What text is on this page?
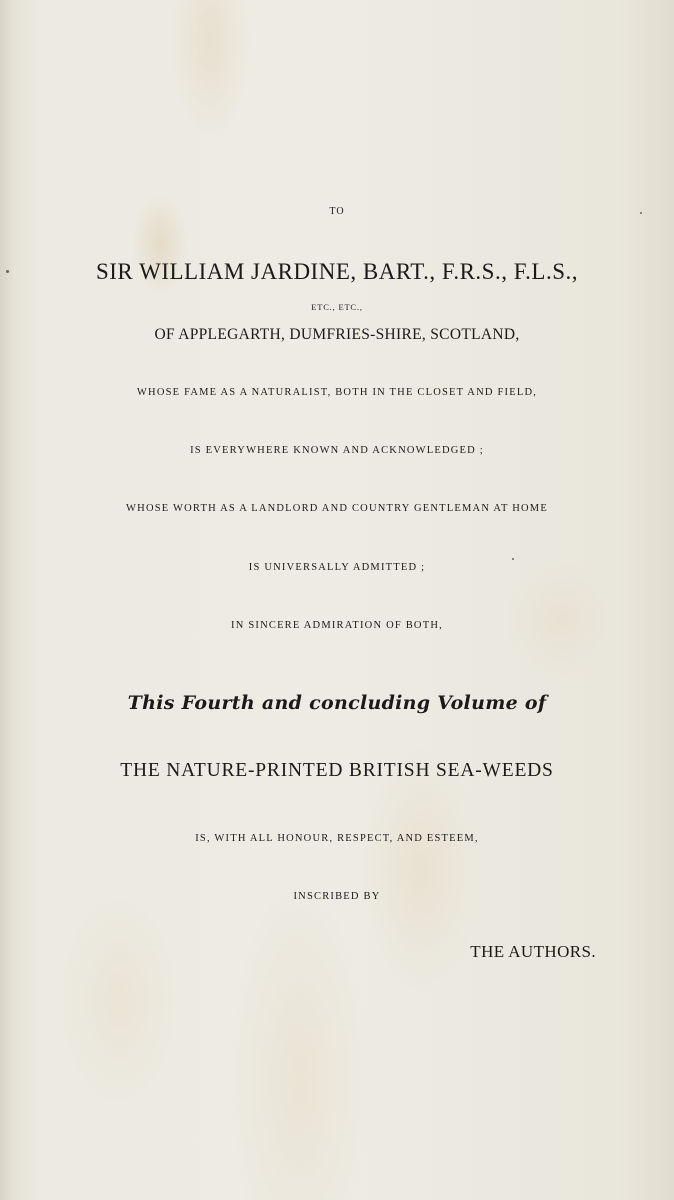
TO

SIR WILLIAM JARDINE, BART., F.R.S., F.L.S.,

ETC., ETC.,

OF APPLEGARTH, DUMFRIES-SHIRE, SCOTLAND,

WHOSE FAME AS A NATURALIST, BOTH IN THE CLOSET AND FIELD,

IS EVERYWHERE KNOWN AND ACKNOWLEDGED ;

WHOSE WORTH AS A LANDLORD AND COUNTRY GENTLEMAN AT HOME

IS UNIVERSALLY ADMITTED ;

IN SINCERE ADMIRATION OF BOTH,

This Fourth and concluding Volume of

THE NATURE-PRINTED BRITISH SEA-WEEDS

IS, WITH ALL HONOUR, RESPECT, AND ESTEEM,

INSCRIBED BY

THE AUTHORS.
